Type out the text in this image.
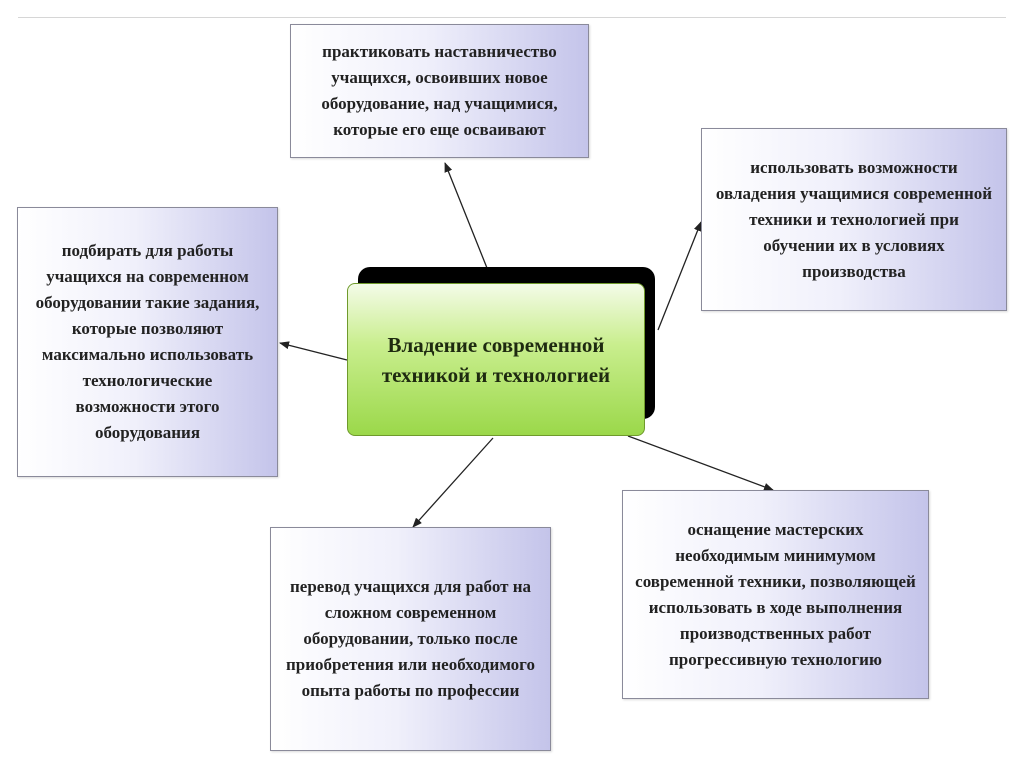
Владение современной
техникой и технологией
практиковать наставничество
учащихся, освоивших новое
оборудование, над учащимися,
которые его еще осваивают
использовать возможности
овладения учащимися современной
техники и технологией при
обучении их в условиях
производства
подбирать для работы
учащихся на современном
оборудовании такие задания,
которые позволяют
максимально использовать
технологические
возможности этого
оборудования
перевод учащихся для работ на
сложном современном
оборудовании, только после
приобретения или необходимого
опыта работы по профессии
оснащение мастерских
необходимым минимумом
современной техники, позволяющей
использовать в ходе выполнения
производственных работ
прогрессивную технологию
